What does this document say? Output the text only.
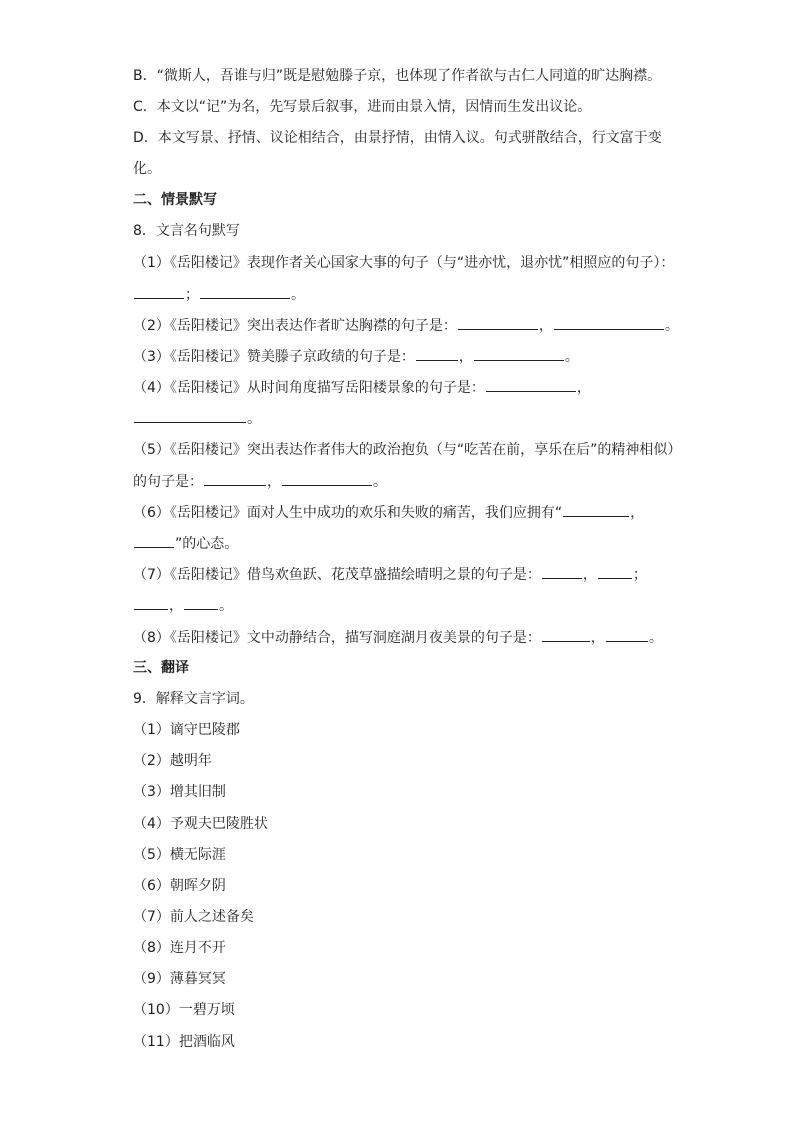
B．“微斯人，吾谁与归”既是慰勉滕子京，也体现了作者欲与古仁人同道的旷达胸襟。
C．本文以“记”为名，先写景后叙事，进而由景入情，因情而生发出议论。
D．本文写景、抒情、议论相结合，由景抒情，由情入议。句式骈散结合，行文富于变
化。
二、情景默写
8．文言名句默写
（1）《岳阳楼记》表现作者关心国家大事的句子（与“进亦忧，退亦忧”相照应的句子）：
；	。
（2）《岳阳楼记》突出表达作者旷达胸襟的句子是：	，	。
（3）《岳阳楼记》赞美滕子京政绩的句子是：	，	。
（4）《岳阳楼记》从时间角度描写岳阳楼景象的句子是：	，
。
（5）《岳阳楼记》突出表达作者伟大的政治抱负（与“吃苦在前，享乐在后”的精神相似）
的句子是：	，	。
（6）《岳阳楼记》面对人生中成功的欢乐和失败的痛苦，我们应拥有“	，
”的心态。
（7）《岳阳楼记》借鸟欢鱼跃、花茂草盛描绘晴明之景的句子是：	，	；
，	。
（8）《岳阳楼记》文中动静结合，描写洞庭湖月夜美景的句子是：	，	。
三、翻译
9．解释文言字词。
（1）谪守巴陵郡
（2）越明年
（3）增其旧制
（4）予观夫巴陵胜状
（5）横无际涯
（6）朝晖夕阴
（7）前人之述备矣
（8）连月不开
（9）薄暮冥冥
（10）一碧万顷
（11）把酒临风
